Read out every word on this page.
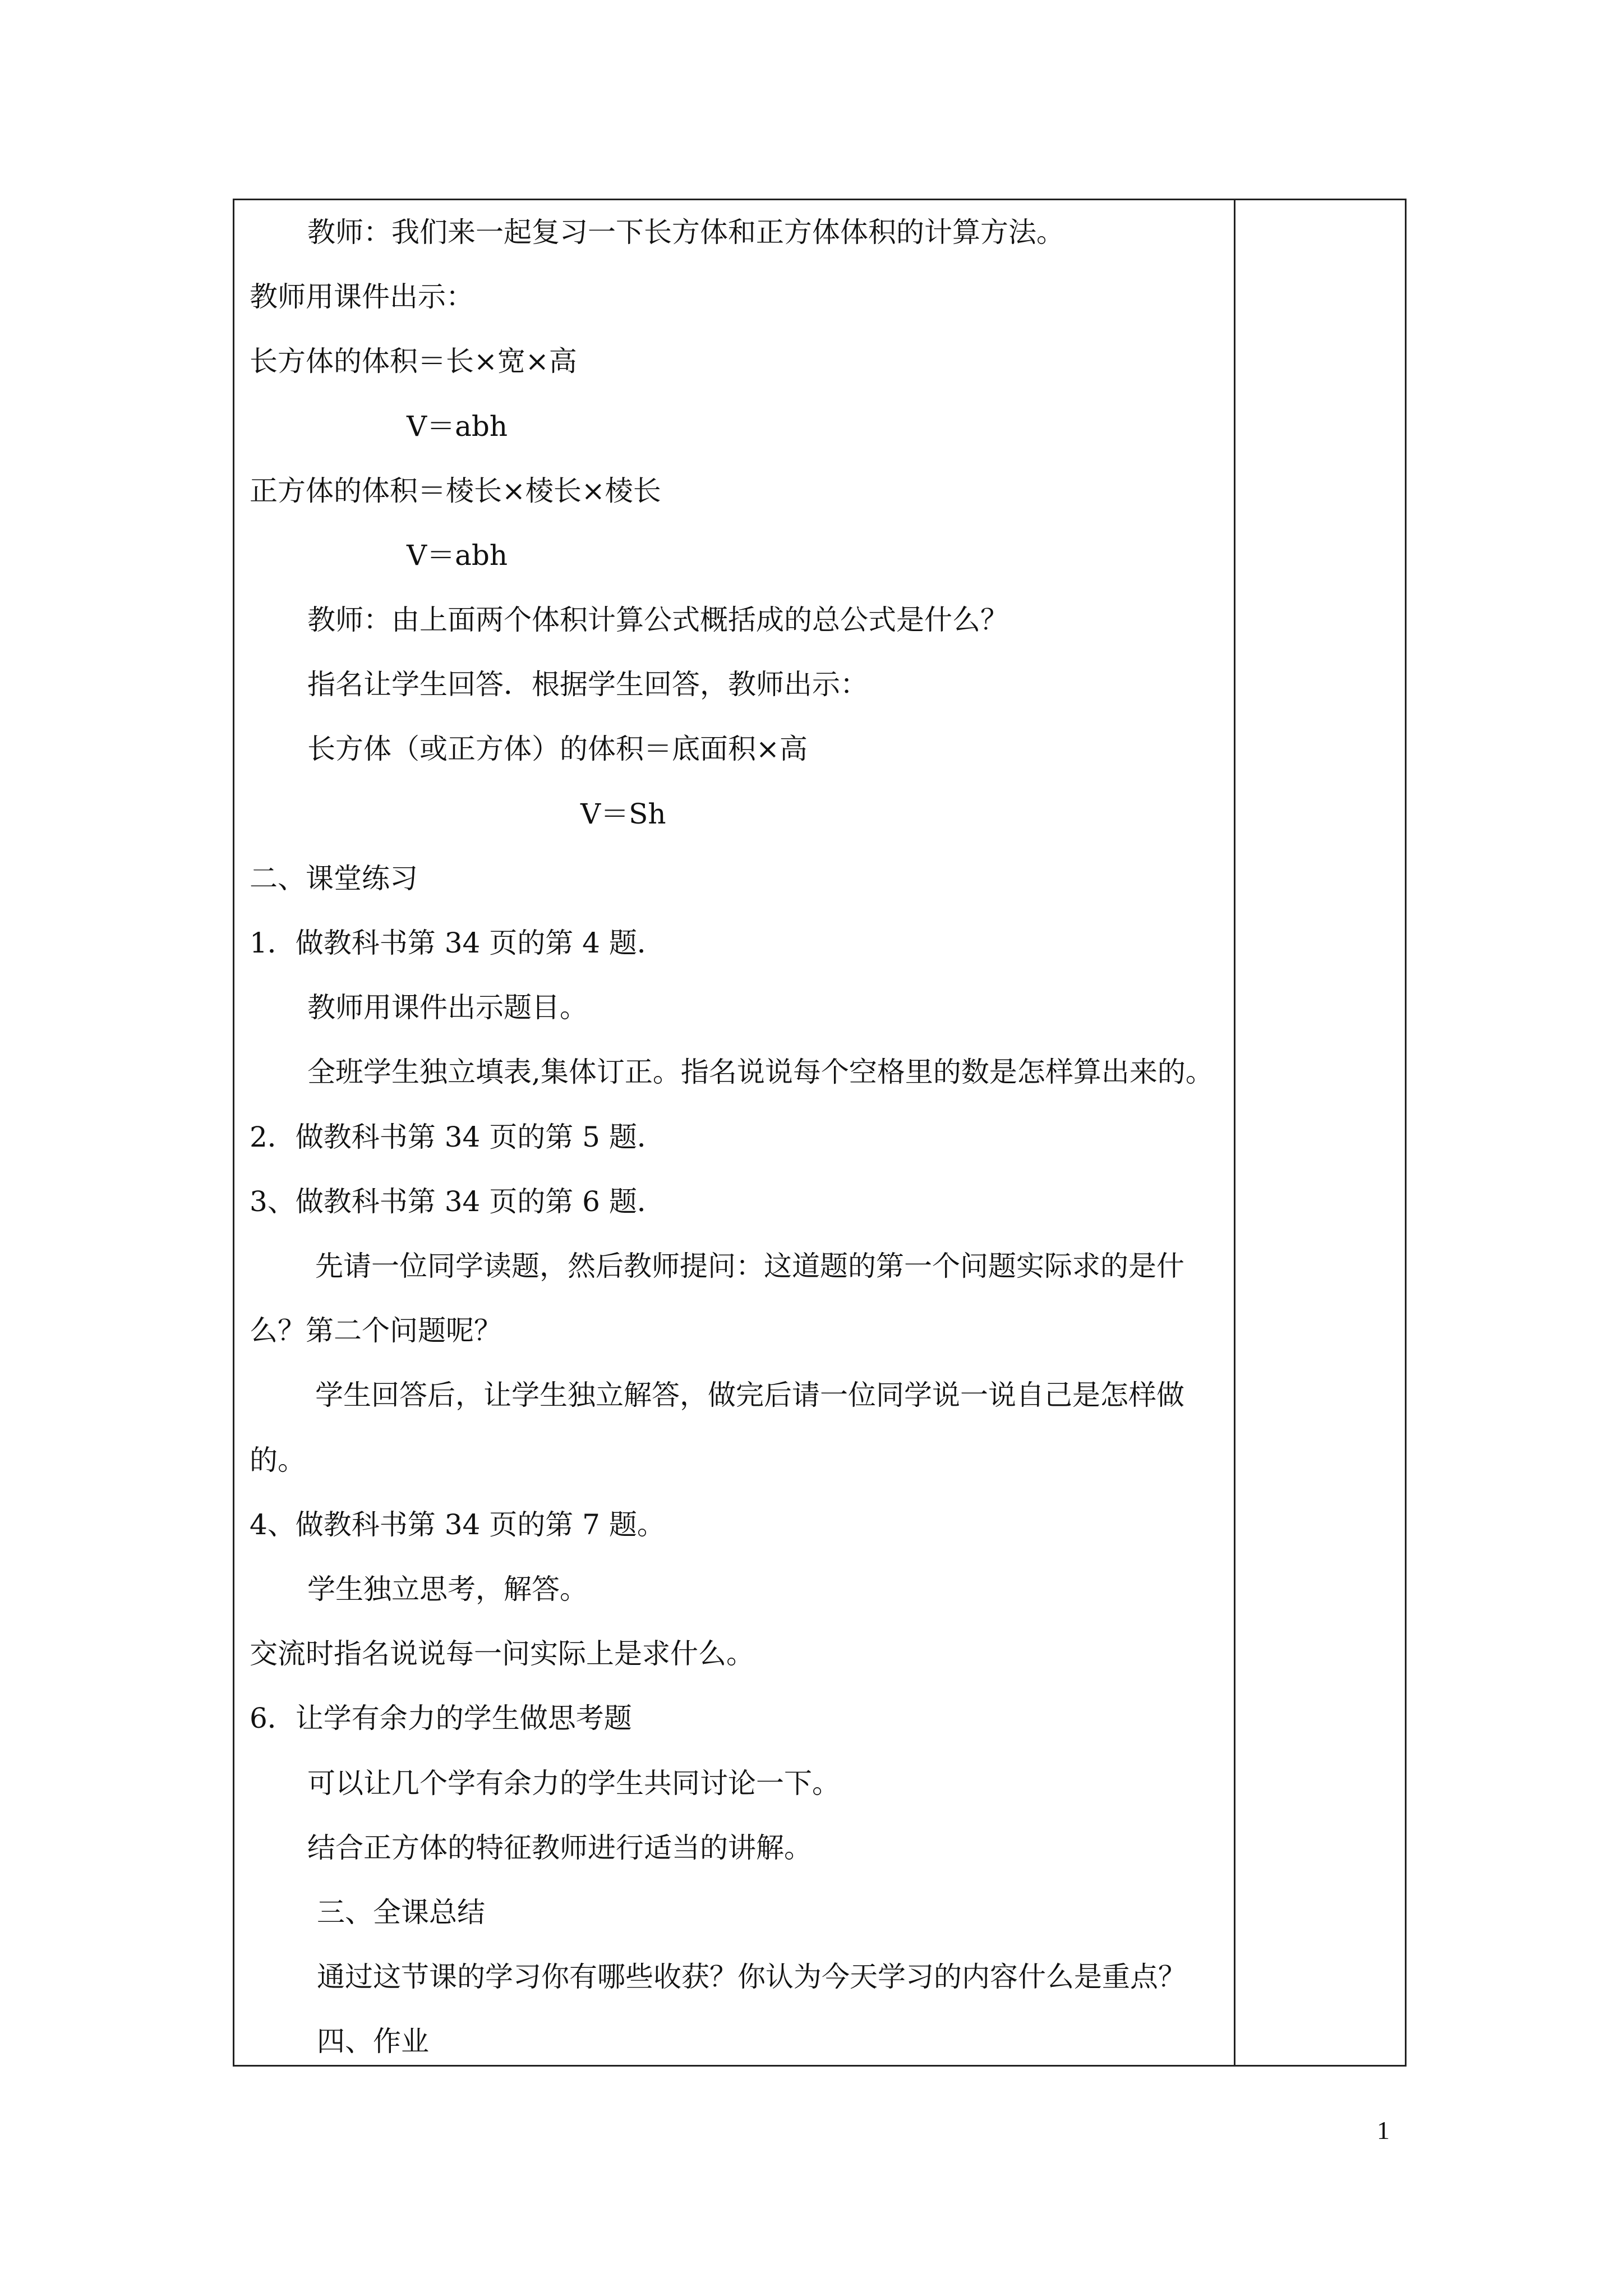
教师：我们来一起复习一下长方体和正方体体积的计算方法。
教师用课件出示：
长方体的体积＝长×宽×高
V＝abh
正方体的体积＝棱长×棱长×棱长
V＝abh
教师：由上面两个体积计算公式概括成的总公式是什么？
指名让学生回答．根据学生回答，教师出示：
长方体（或正方体）的体积＝底面积×高
V＝Sh
二、课堂练习
1．做教科书第 34 页的第 4 题．
教师用课件出示题目。
全班学生独立填表,集体订正。指名说说每个空格里的数是怎样算出来的。
2．做教科书第 34 页的第 5 题．
3、做教科书第 34 页的第 6 题．
先请一位同学读题，然后教师提问：这道题的第一个问题实际求的是什
么？第二个问题呢？
学生回答后，让学生独立解答，做完后请一位同学说一说自己是怎样做
的。
4、做教科书第 34 页的第 7 题。
学生独立思考，解答。
交流时指名说说每一问实际上是求什么。
6．让学有余力的学生做思考题
可以让几个学有余力的学生共同讨论一下。
结合正方体的特征教师进行适当的讲解。
三、全课总结
通过这节课的学习你有哪些收获？你认为今天学习的内容什么是重点？
四、作业
1
